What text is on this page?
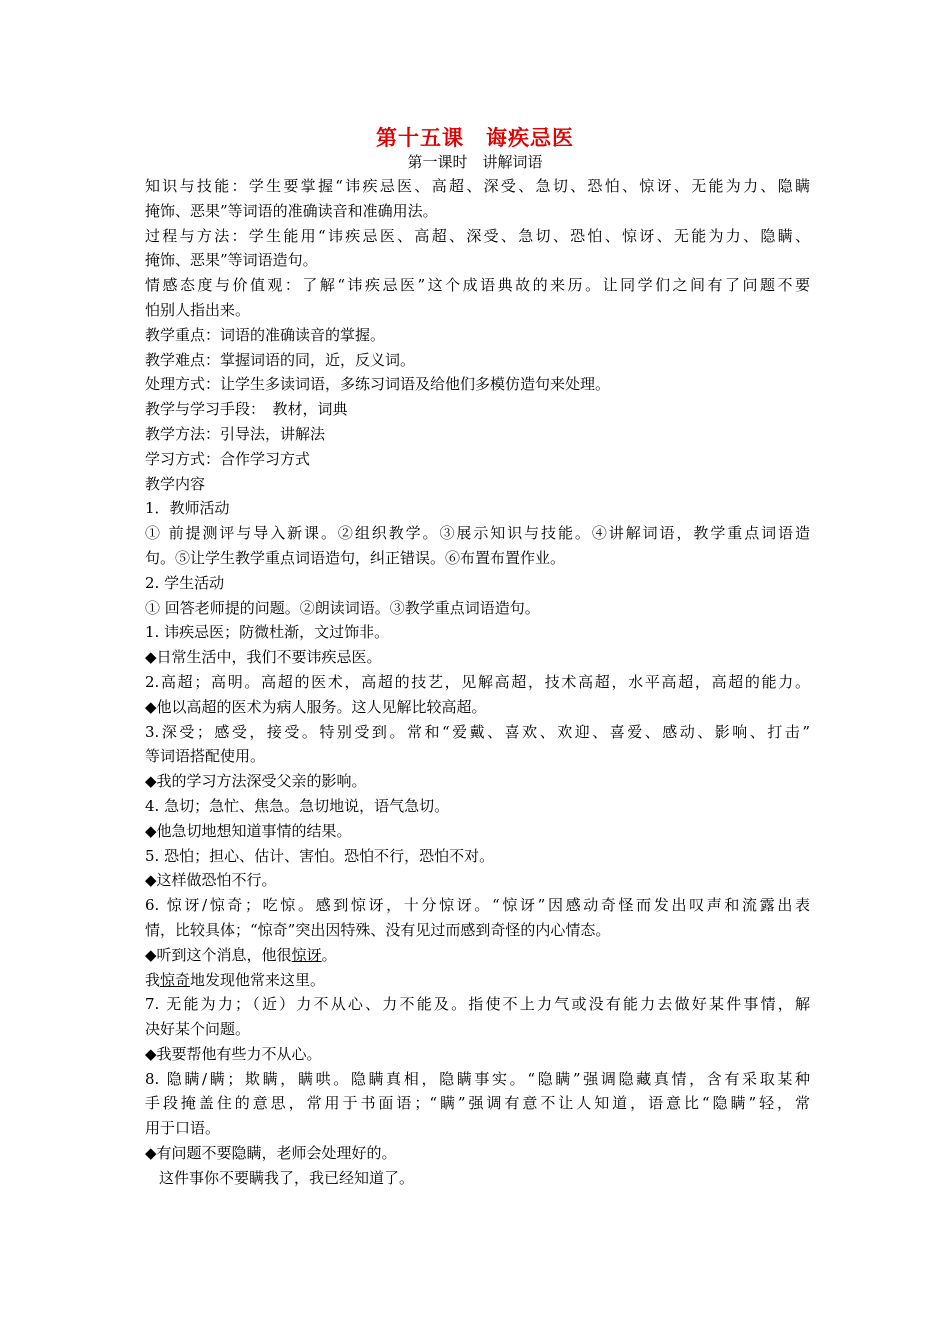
第十五课　诲疾忌医
第一课时　讲解词语
知识与技能：学生要掌握“讳疾忌医、高超、深受、急切、恐怕、惊讶、无能为力、隐瞒
掩饰、恶果”等词语的准确读音和准确用法。
过程与方法：学生能用“讳疾忌医、高超、深受、急切、恐怕、惊讶、无能为力、隐瞒、
掩饰、恶果”等词语造句。
情感态度与价值观：了解“讳疾忌医”这个成语典故的来历。让同学们之间有了问题不要
怕别人指出来。
教学重点：词语的准确读音的掌握。
教学难点：掌握词语的同，近，反义词。
处理方式：让学生多读词语，多练习词语及给他们多模仿造句来处理。
教学与学习手段：　教材，词典
教学方法：引导法，讲解法
学习方式：合作学习方式
教学内容
1．教师活动
① 前提测评与导入新课。②组织教学。③展示知识与技能。④讲解词语，教学重点词语造
句。⑤让学生教学重点词语造句，纠正错误。⑥布置布置作业。
2. 学生活动
① 回答老师提的问题。②朗读词语。③教学重点词语造句。
1. 讳疾忌医；防微杜渐，文过饰非。
◆日常生活中，我们不要讳疾忌医。
2.高超；高明。高超的医术，高超的技艺，见解高超，技术高超，水平高超，高超的能力。
◆他以高超的医术为病人服务。这人见解比较高超。
3.深受；感受，接受。特别受到。常和“爱戴、喜欢、欢迎、喜爱、感动、影响、打击”
等词语搭配使用。
◆我的学习方法深受父亲的影响。
4. 急切；急忙、焦急。急切地说，语气急切。
◆他急切地想知道事情的结果。
5. 恐怕；担心、估计、害怕。恐怕不行，恐怕不对。
◆这样做恐怕不行。
6. 惊讶/惊奇；吃惊。感到惊讶，十分惊讶。“惊讶”因感动奇怪而发出叹声和流露出表
情，比较具体；“惊奇”突出因特殊、没有见过而感到奇怪的内心情态。
◆听到这个消息，他很惊讶。
我惊奇地发现他常来这里。
7. 无能为力；（近）力不从心、力不能及。指使不上力气或没有能力去做好某件事情，解
决好某个问题。
◆我要帮他有些力不从心。
8. 隐瞒/瞒；欺瞒，瞒哄。隐瞒真相，隐瞒事实。“隐瞒”强调隐藏真情，含有采取某种
手段掩盖住的意思，常用于书面语；“瞒”强调有意不让人知道，语意比“隐瞒”轻，常
用于口语。
◆有问题不要隐瞒，老师会处理好的。
这件事你不要瞒我了，我已经知道了。
